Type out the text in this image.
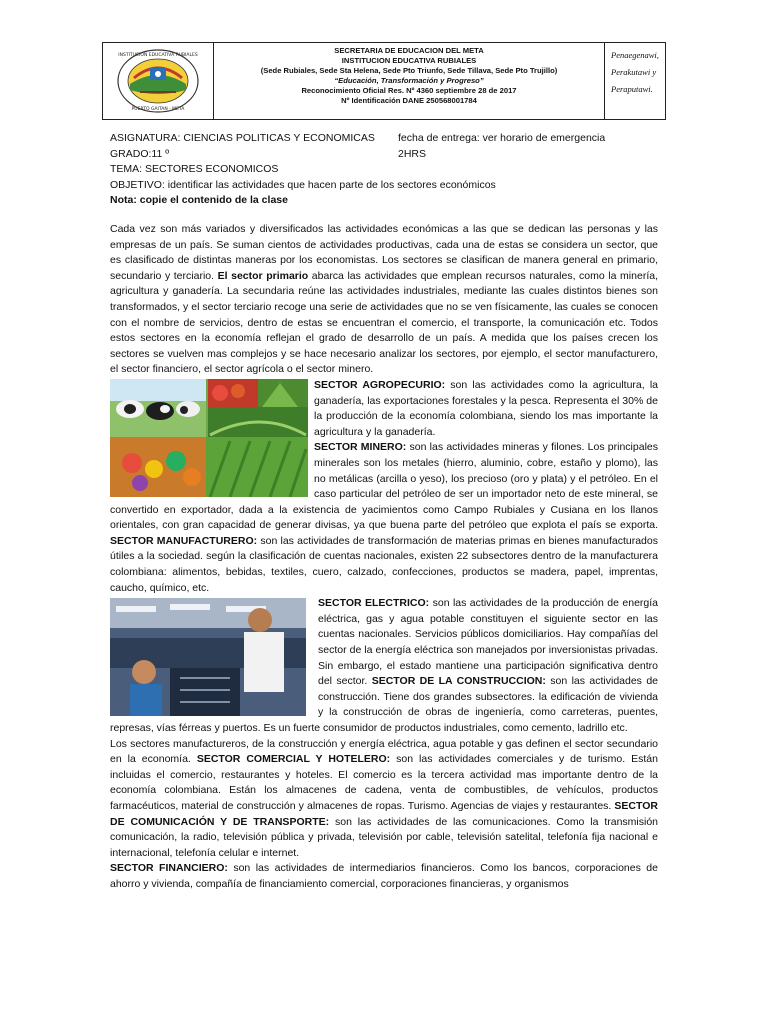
INSTITUCION EDUCATIVA RUBIALES
PUERTO GAITAN - META
SECRETARIA DE EDUCACION DEL META
INSTITUCION EDUCATIVA RUBIALES
(Sede Rubiales, Sede Sta Helena, Sede Pto Triunfo, Sede Tillava, Sede Pto Trujillo)
“Educación, Transformación y Progreso”
Reconocimiento Oficial Res. Nº 4360 septiembre 28 de 2017
Nº Identificación DANE 250568001784
Penaegenawi,
Perakutawi y
Peraputawi.
ASIGNATURA: CIENCIAS POLITICAS Y ECONOMICAS	fecha de entrega: ver horario de emergencia
GRADO:11 º	2HRS
TEMA: SECTORES ECONOMICOS
OBJETIVO: identificar las actividades que hacen parte de los sectores económicos
Nota: copie el contenido de la clase

Cada vez son más variados y diversificados las actividades económicas a las que se dedican las personas y las empresas de un país. Se suman cientos de actividades productivas, cada una de estas se considera un sector, que es clasificado de distintas maneras por los economistas. Los sectores se clasifican de manera general en primario, secundario y terciario. El sector primario abarca las actividades que emplean recursos naturales, como la minería, agricultura y ganadería. La secundaria reúne las actividades industriales, mediante las cuales distintos bienes son transformados, y el sector terciario recoge una serie de actividades que no se ven físicamente, las cuales se conocen con el nombre de servicios, dentro de estas se encuentran el comercio, el transporte, la comunicación etc. Todos estos sectores en la economía reflejan el grado de desarrollo de un país. A medida que los países crecen los sectores se vuelven mas complejos y se hace necesario analizar los sectores, por ejemplo, el sector manufacturero, el sector financiero, el sector agrícola o el sector minero.

SECTOR AGROPECURIO: son las actividades como la agricultura, la ganadería, las exportaciones forestales y la pesca. Representa el 30% de la producción de la economía colombiana, siendo los mas importante la agricultura y la ganadería.
SECTOR MINERO: son las actividades mineras y filones. Los principales minerales son los metales (hierro, aluminio, cobre, estaño y plomo), las no metálicas (arcilla o yeso), los precioso (oro y plata) y el petróleo. En el caso particular del petróleo de ser un importador neto de este mineral, se convertido en exportador, dada a la existencia de yacimientos como Campo Rubiales y Cusiana en los llanos orientales, con gran capacidad de generar divisas, ya que buena parte del petróleo que explota el país se exporta. SECTOR MANUFACTURERO: son las actividades de transformación de materias primas en bienes manufacturados útiles a la sociedad. según la clasificación de cuentas nacionales, existen 22 subsectores dentro de la manufacturera colombiana: alimentos, bebidas, textiles, cuero, calzado, confecciones, productos se madera, papel, imprentas, caucho, químico, etc.

SECTOR ELECTRICO: son las actividades de la producción de energía eléctrica, gas y agua potable constituyen el siguiente sector en las cuentas nacionales. Servicios públicos domiciliarios. Hay compañías del sector de la energía eléctrica son manejados por inversionistas privadas. Sin embargo, el estado mantiene una participación significativa dentro del sector. SECTOR DE LA CONSTRUCCION: son las actividades de construcción. Tiene dos grandes subsectores. la edificación de vivienda y la construcción de obras de ingeniería, como carreteras, puentes, represas, vías férreas y puertos. Es un fuerte consumidor de productos industriales, como cemento, ladrillo etc.

Los sectores manufactureros, de la construcción y energía eléctrica, agua potable y gas definen el sector secundario en la economía. SECTOR COMERCIAL Y HOTELERO: son las actividades comerciales y de turismo. Están incluidas el comercio, restaurantes y hoteles. El comercio es la tercera actividad mas importante dentro de la economía colombiana. Están los almacenes de cadena, venta de combustibles, de vehículos, productos farmacéuticos, material de construcción y almacenes de ropas. Turismo. Agencias de viajes y restaurantes. SECTOR DE COMUNICACIÓN Y DE TRANSPORTE: son las actividades de las comunicaciones. Como la transmisión comunicación, la radio, televisión pública y privada, televisión por cable, televisión satelital, telefonía fija nacional e internacional, telefonía celular e internet.

SECTOR FINANCIERO: son las actividades de intermediarios financieros. Como los bancos, corporaciones de ahorro y vivienda, compañía de financiamiento comercial, corporaciones financieras, y organismos
